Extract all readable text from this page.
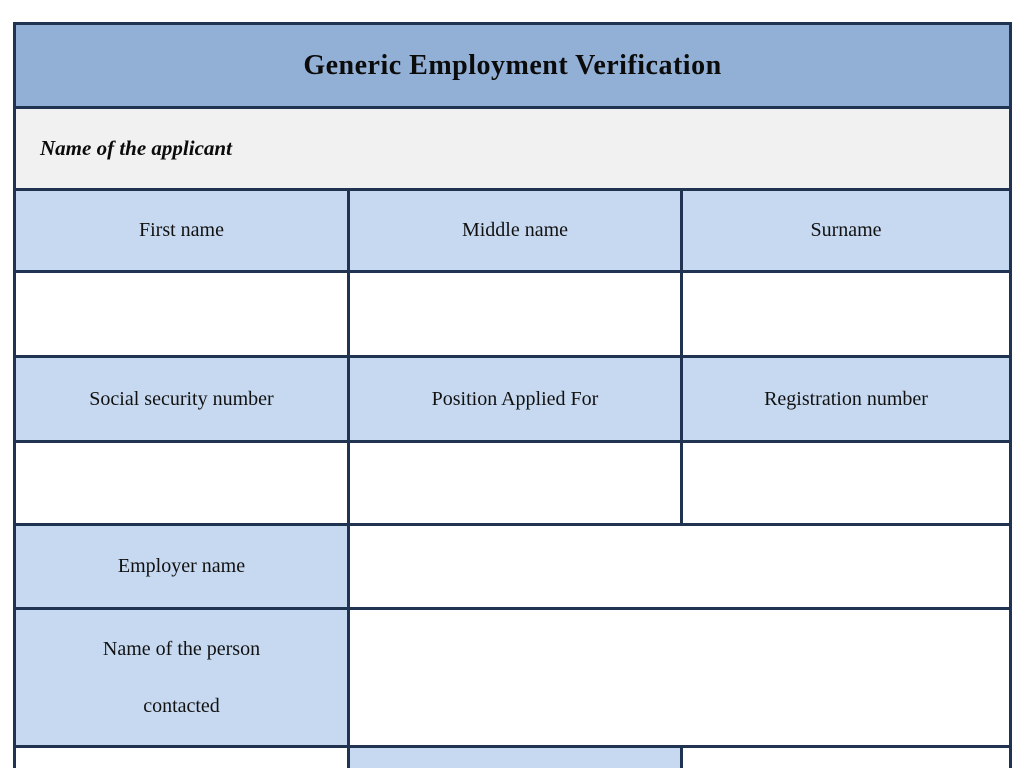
Generic Employment Verification
Name of the applicant
First name	Middle name	Surname
Social security number	Position Applied For	Registration number
Employer name
Name of the person
contacted
